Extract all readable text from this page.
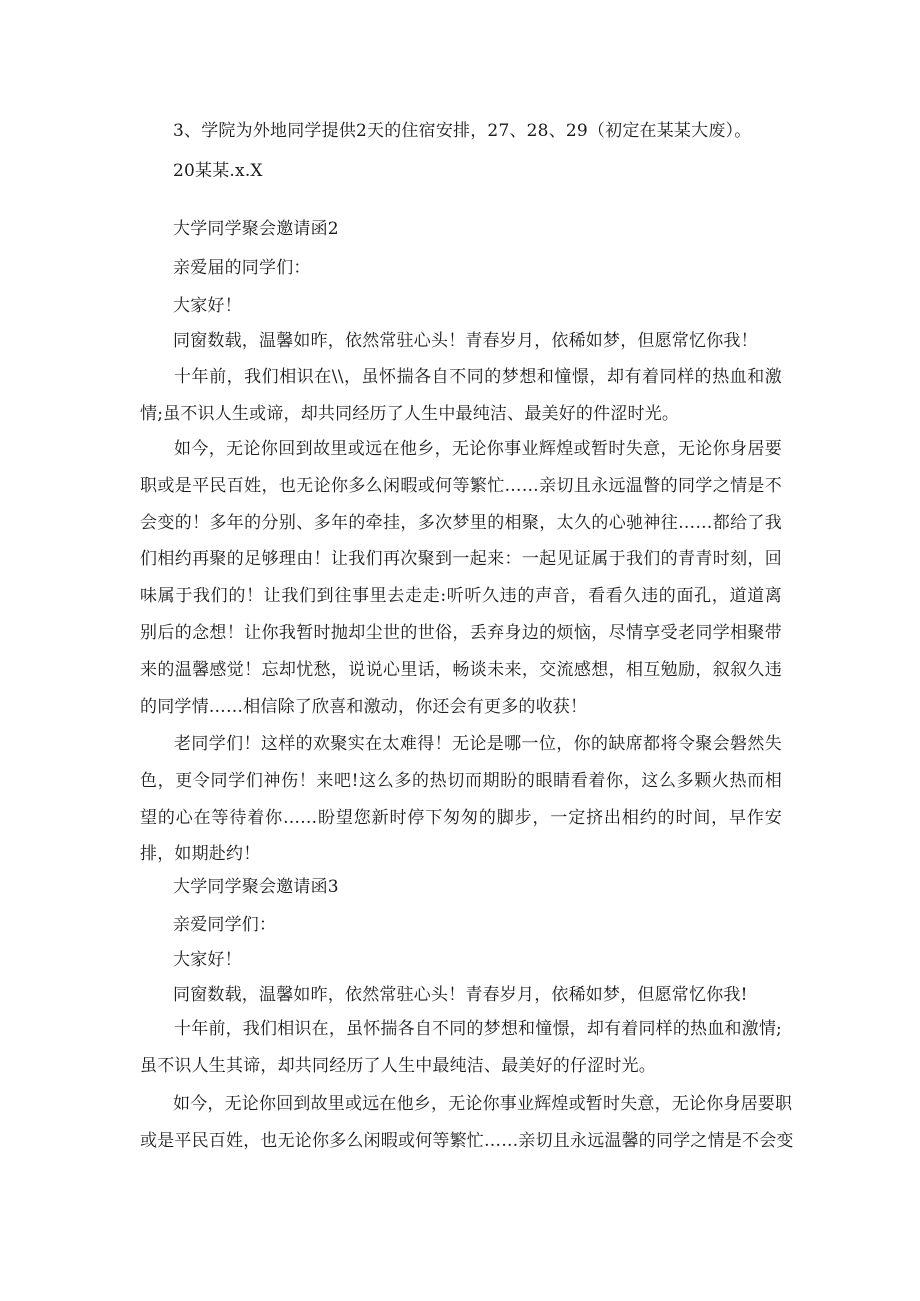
3、学院为外地同学提供2天的住宿安排，27、28、29（初定在某某大废）。
20某某.x.X
大学同学聚会邀请函2
亲爱届的同学们：
大家好！
同窗数载，温馨如昨，依然常驻心头！青春岁月，依稀如梦，但愿常忆你我！
十年前，我们相识在\\，虽怀揣各自不同的梦想和憧憬，却有着同样的热血和激情;虽不识人生或谛，却共同经历了人生中最纯洁、最美好的件涩时光。
如今，无论你回到故里或远在他乡，无论你事业辉煌或暂时失意，无论你身居要职或是平民百姓，也无论你多么闲暇或何等繁忙……亲切且永远温瞥的同学之情是不会变的！多年的分别、多年的牵挂，多次梦里的相聚，太久的心驰神往……都给了我们相约再聚的足够理由！让我们再次聚到一起来：一起见证属于我们的青青时刻，回味属于我们的！让我们到往事里去走走:听听久违的声音，看看久违的面孔，道道离别后的念想！让你我暂时抛却尘世的世俗，丢弃身边的烦恼，尽情享受老同学相聚带来的温馨感觉！忘却忧愁，说说心里话，畅谈未来，交流感想，相互勉励，叙叙久违的同学情……相信除了欣喜和激动，你还会有更多的收获！
老同学们！这样的欢聚实在太难得！无论是哪一位，你的缺席都将令聚会磐然失色，更令同学们神伤！来吧!这么多的热切而期盼的眼睛看着你，这么多颗火热而相望的心在等待着你……盼望您新时停下匆匆的脚步，一定挤出相约的时间，早作安排，如期赴约！
大学同学聚会邀请函3
亲爱同学们：
大家好！
同窗数载，温馨如昨，依然常驻心头！青春岁月，依稀如梦，但愿常忆你我!
十年前，我们相识在，虽怀揣各自不同的梦想和憧憬，却有着同样的热血和激情;虽不识人生其谛，却共同经历了人生中最纯洁、最美好的仔涩时光。
如今，无论你回到故里或远在他乡，无论你事业辉煌或暂时失意，无论你身居要职
或是平民百姓，也无论你多么闲暇或何等繁忙……亲切且永远温馨的同学之情是不会变
